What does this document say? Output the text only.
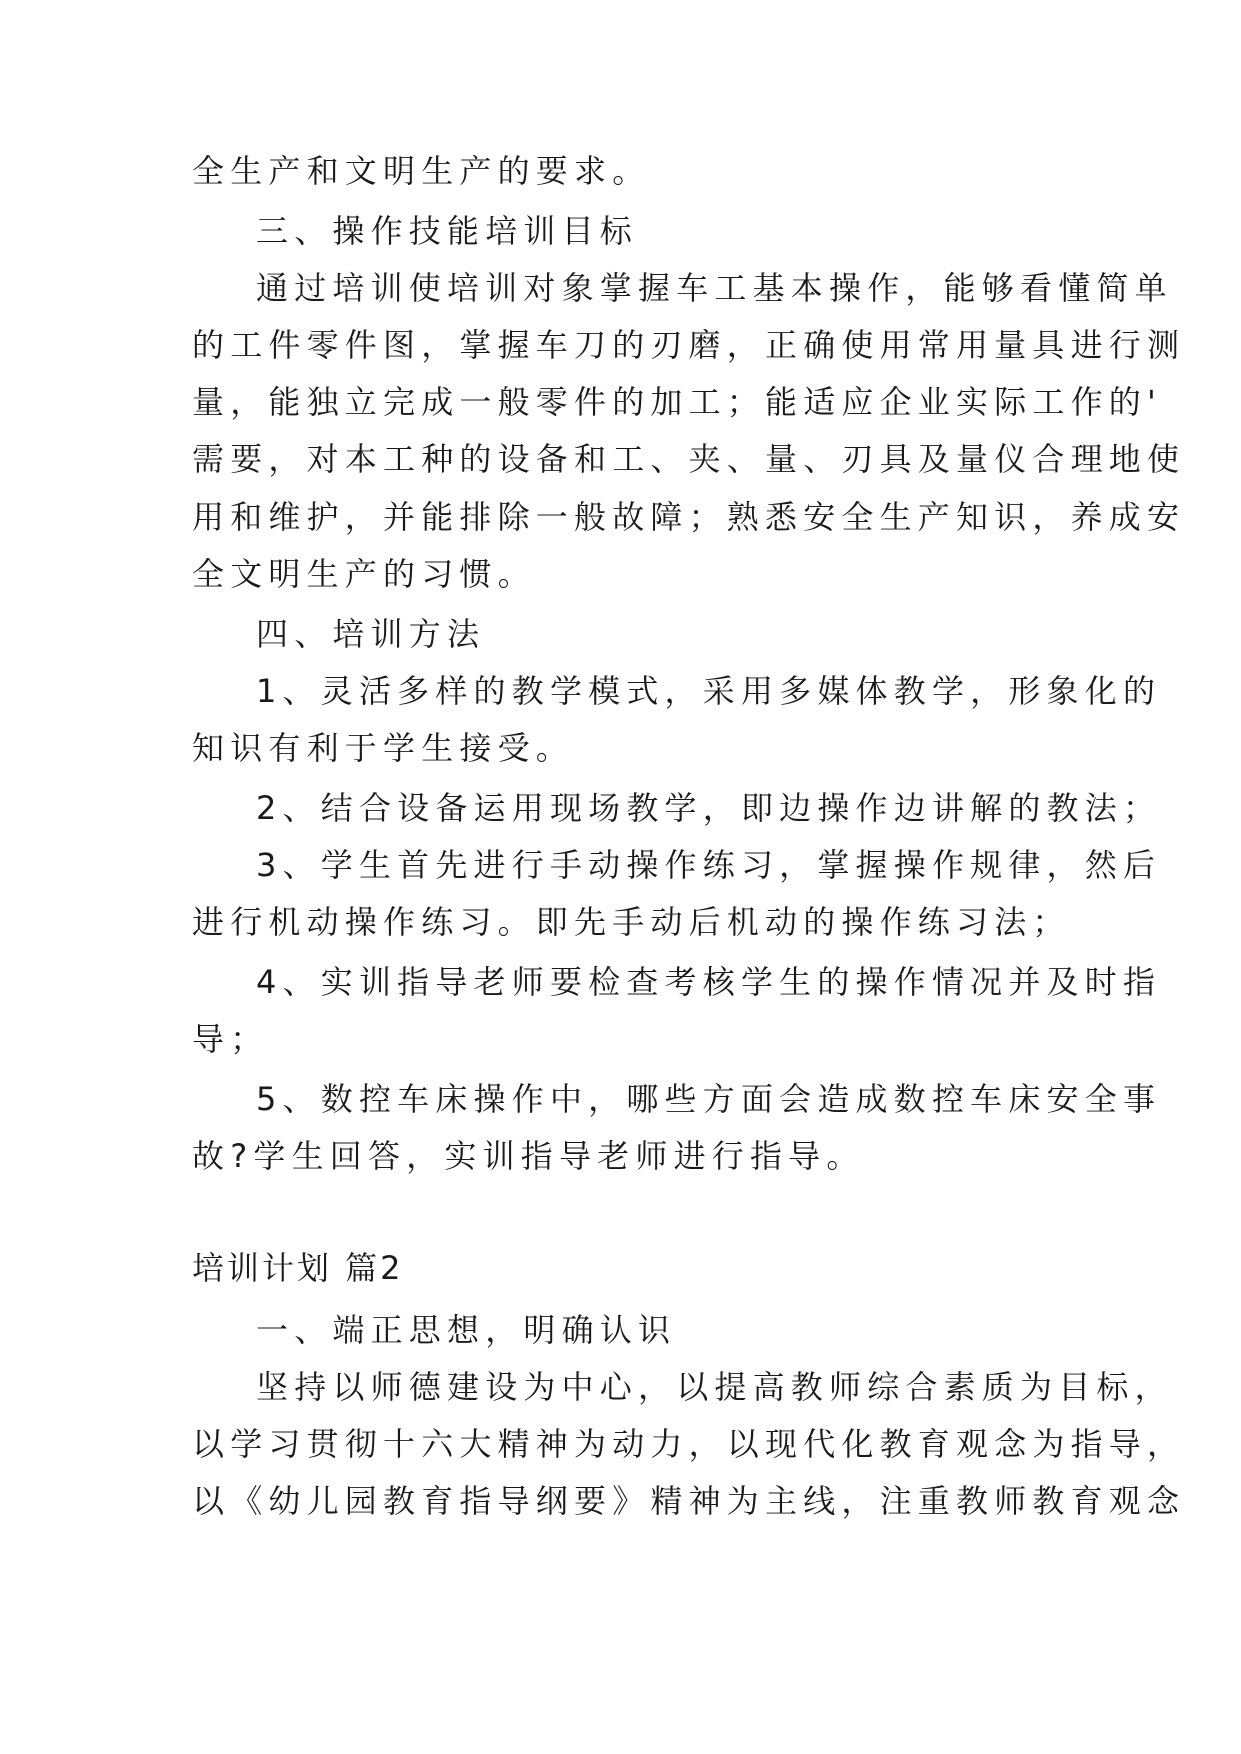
全生产和文明生产的要求。
三、操作技能培训目标
通过培训使培训对象掌握车工基本操作，能够看懂简单
的工件零件图，掌握车刀的刃磨，正确使用常用量具进行测
量，能独立完成一般零件的加工；能适应企业实际工作的'
需要，对本工种的设备和工、夹、量、刃具及量仪合理地使
用和维护，并能排除一般故障；熟悉安全生产知识，养成安
全文明生产的习惯。
四、培训方法
1、灵活多样的教学模式，采用多媒体教学，形象化的
知识有利于学生接受。
2、结合设备运用现场教学，即边操作边讲解的教法；
3、学生首先进行手动操作练习，掌握操作规律，然后
进行机动操作练习。即先手动后机动的操作练习法；
4、实训指导老师要检查考核学生的操作情况并及时指
导；
5、数控车床操作中，哪些方面会造成数控车床安全事
故?学生回答，实训指导老师进行指导。
培训计划 篇2
一、端正思想，明确认识
坚持以师德建设为中心，以提高教师综合素质为目标，
以学习贯彻十六大精神为动力，以现代化教育观念为指导，
以《幼儿园教育指导纲要》精神为主线，注重教师教育观念
